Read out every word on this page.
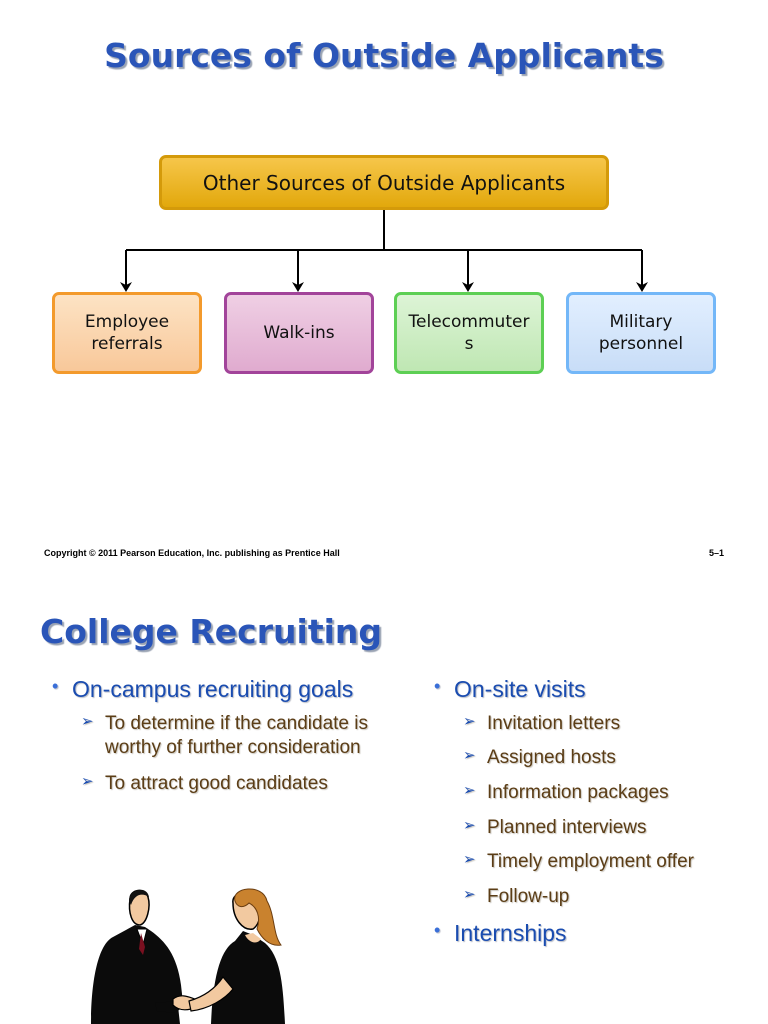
Sources of Outside Applicants
Other Sources of Outside Applicants
Employee
referrals
Walk-ins
Telecommuter
s
Military
personnel
Copyright © 2011 Pearson Education, Inc. publishing as Prentice Hall	5–1
College Recruiting
• On-campus recruiting goals
➢ To determine if the candidate is worthy of further consideration
➢ To attract good candidates
• On-site visits
➢ Invitation letters
➢ Assigned hosts
➢ Information packages
➢ Planned interviews
➢ Timely employment offer
➢ Follow-up
• Internships
